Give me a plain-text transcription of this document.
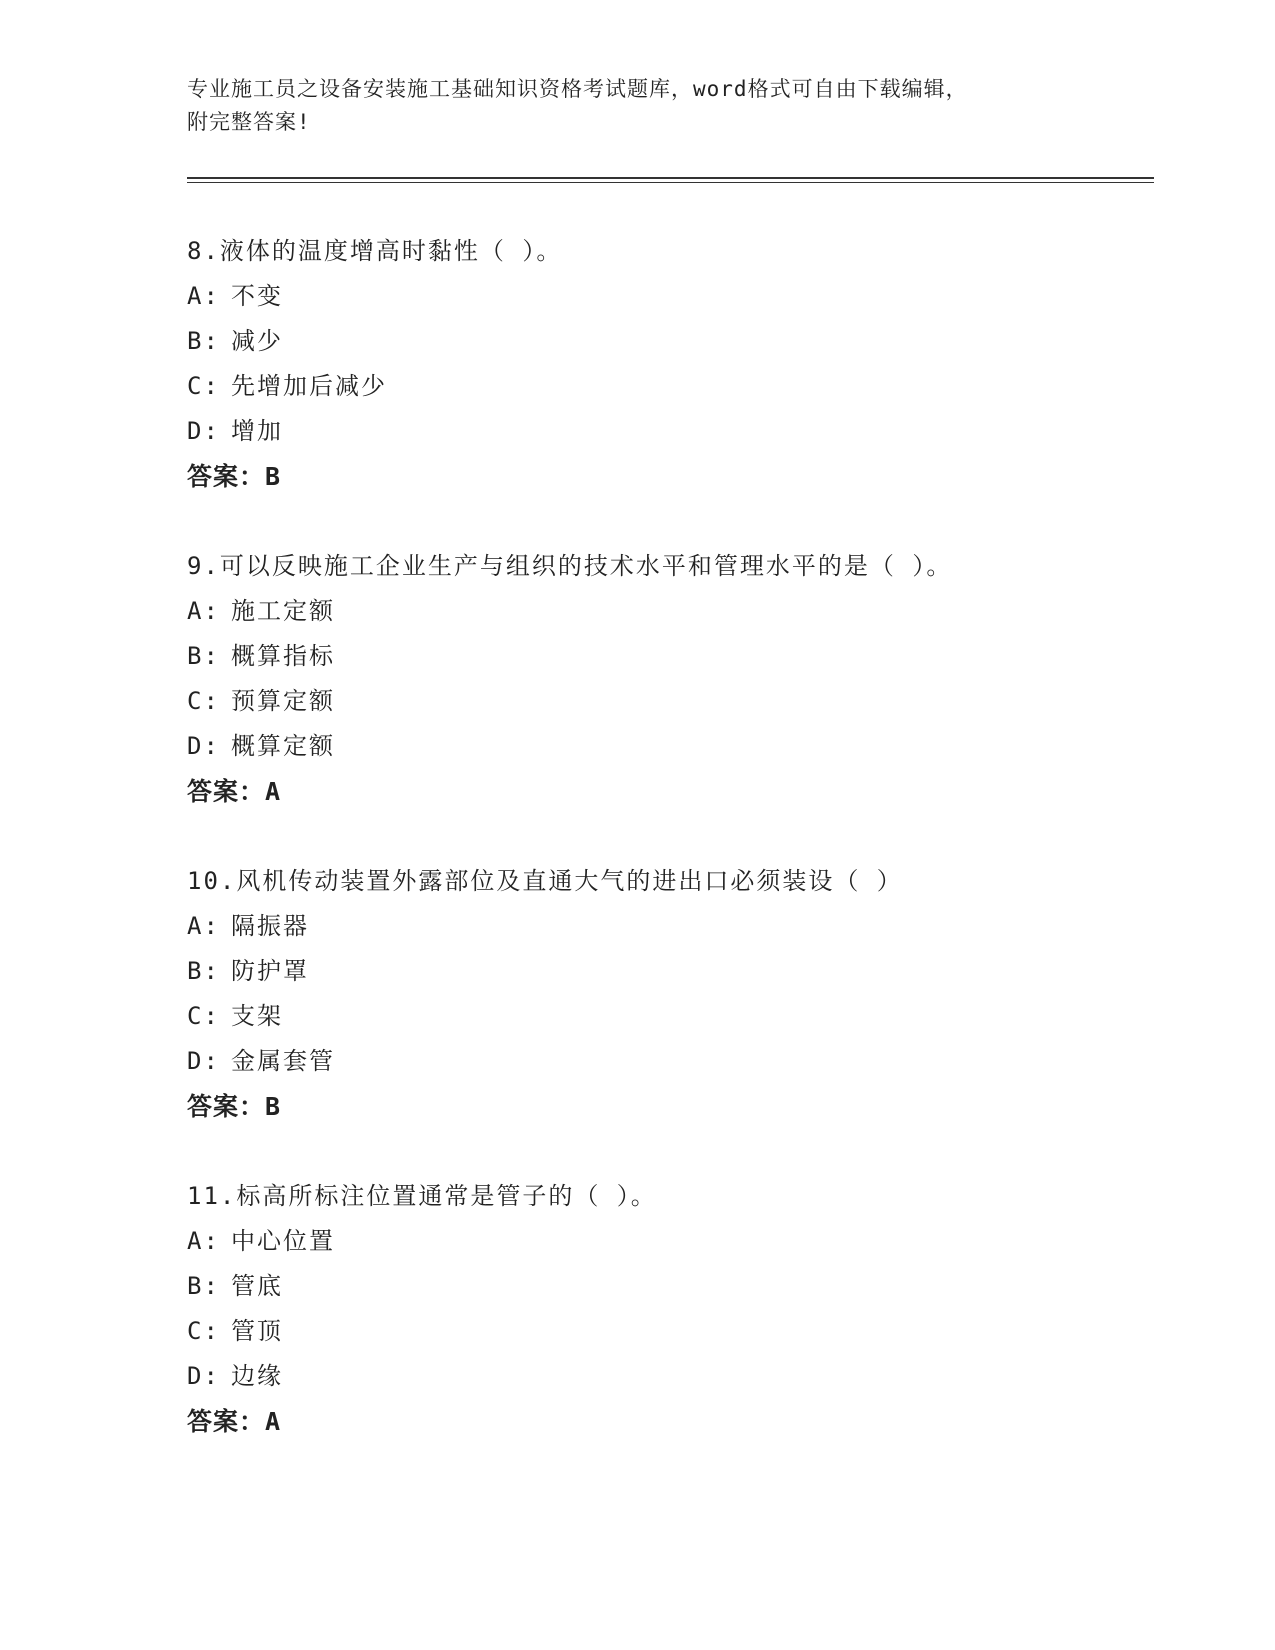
专业施工员之设备安装施工基础知识资格考试题库，word格式可自由下载编辑，
附完整答案!
8.液体的温度增高时黏性（ ）。
A: 不变
B: 减少
C: 先增加后减少
D: 增加
答案：B
9.可以反映施工企业生产与组织的技术水平和管理水平的是（ ）。
A: 施工定额
B: 概算指标
C: 预算定额
D: 概算定额
答案：A
10.风机传动装置外露部位及直通大气的进出口必须装设（ ）
A: 隔振器
B: 防护罩
C: 支架
D: 金属套管
答案：B
11.标高所标注位置通常是管子的（ ）。
A: 中心位置
B: 管底
C: 管顶
D: 边缘
答案：A
